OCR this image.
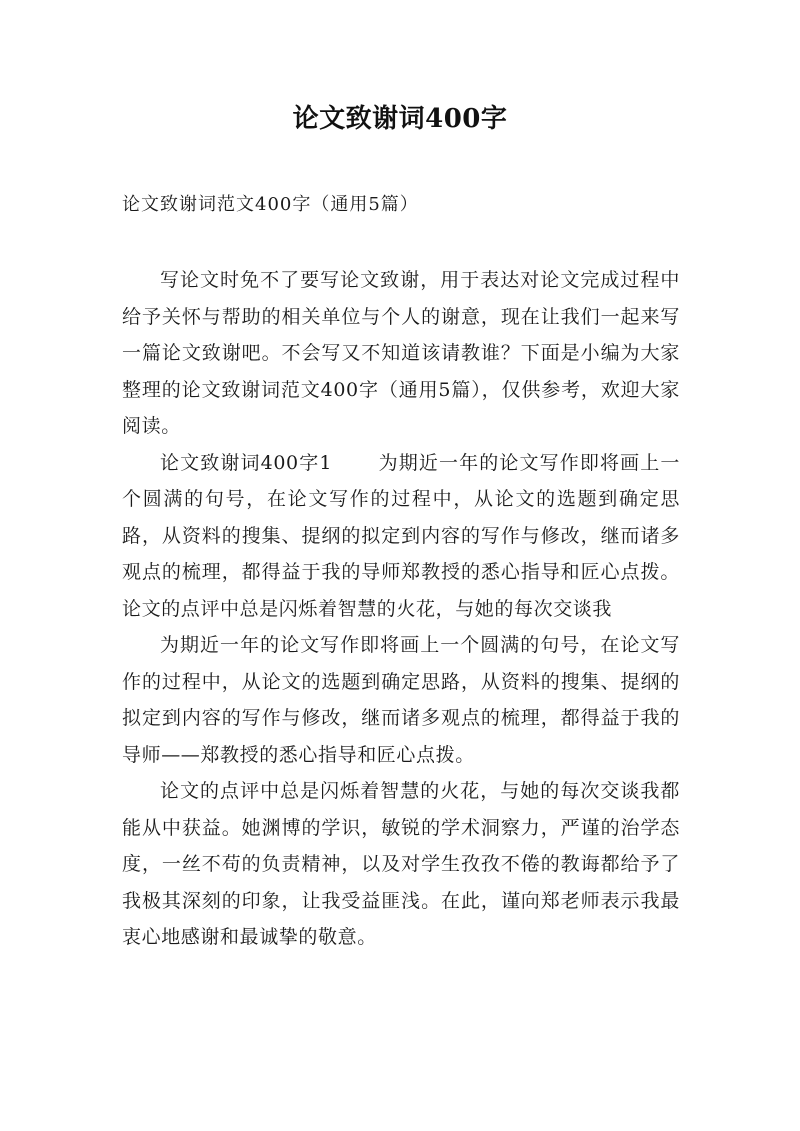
论文致谢词400字
论文致谢词范文400字（通用5篇）

写论文时免不了要写论文致谢，用于表达对论文完成过程中给予关怀与帮助的相关单位与个人的谢意，现在让我们一起来写一篇论文致谢吧。不会写又不知道该请教谁？下面是小编为大家整理的论文致谢词范文400字（通用5篇），仅供参考，欢迎大家阅读。

论文致谢词400字1 为期近一年的论文写作即将画上一个圆满的句号，在论文写作的过程中，从论文的选题到确定思路，从资料的搜集、提纲的拟定到内容的写作与修改，继而诸多观点的梳理，都得益于我的导师郑教授的悉心指导和匠心点拨。论文的点评中总是闪烁着智慧的火花，与她的每次交谈我

为期近一年的论文写作即将画上一个圆满的句号，在论文写作的过程中，从论文的选题到确定思路，从资料的搜集、提纲的拟定到内容的写作与修改，继而诸多观点的梳理，都得益于我的导师——郑教授的悉心指导和匠心点拨。

论文的点评中总是闪烁着智慧的火花，与她的每次交谈我都能从中获益。她渊博的学识，敏锐的学术洞察力，严谨的治学态度，一丝不苟的负责精神，以及对学生孜孜不倦的教诲都给予了我极其深刻的印象，让我受益匪浅。在此，谨向郑老师表示我最衷心地感谢和最诚挚的敬意。
